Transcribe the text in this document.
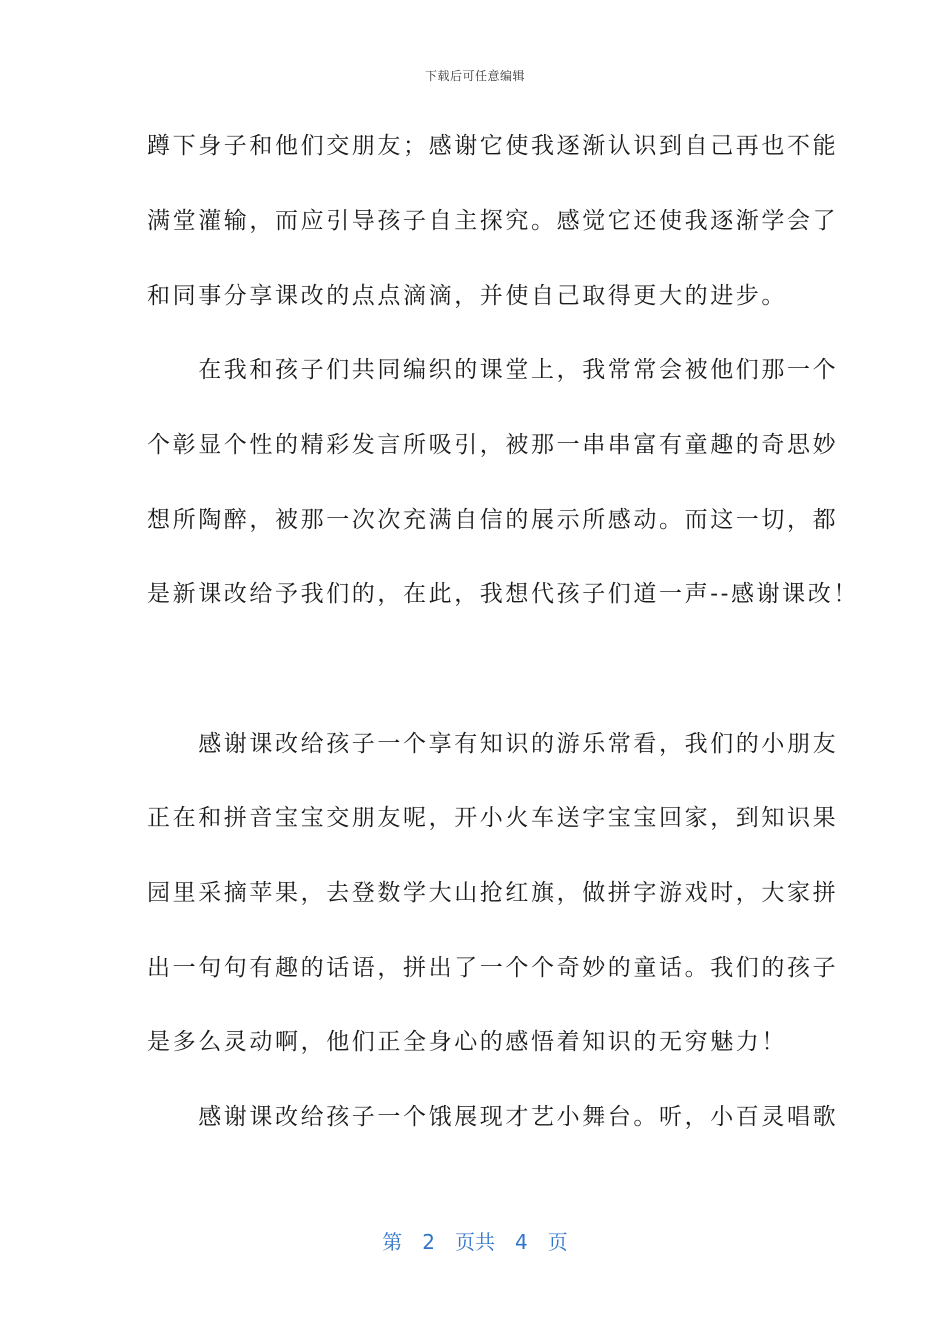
下载后可任意编辑
蹲下身子和他们交朋友；感谢它使我逐渐认识到自己再也不能
满堂灌输，而应引导孩子自主探究。感觉它还使我逐渐学会了
和同事分享课改的点点滴滴，并使自己取得更大的进步。
　　在我和孩子们共同编织的课堂上，我常常会被他们那一个
个彰显个性的精彩发言所吸引，被那一串串富有童趣的奇思妙
想所陶醉，被那一次次充满自信的展示所感动。而这一切，都
是新课改给予我们的，在此，我想代孩子们道一声--感谢课改！
　　感谢课改给孩子一个享有知识的游乐常看，我们的小朋友
正在和拼音宝宝交朋友呢，开小火车送字宝宝回家，到知识果
园里采摘苹果，去登数学大山抢红旗，做拼字游戏时，大家拼
出一句句有趣的话语，拼出了一个个奇妙的童话。我们的孩子
是多么灵动啊，他们正全身心的感悟着知识的无穷魅力！
　　感谢课改给孩子一个饿展现才艺小舞台。听，小百灵唱歌
第 2 页共 4 页
